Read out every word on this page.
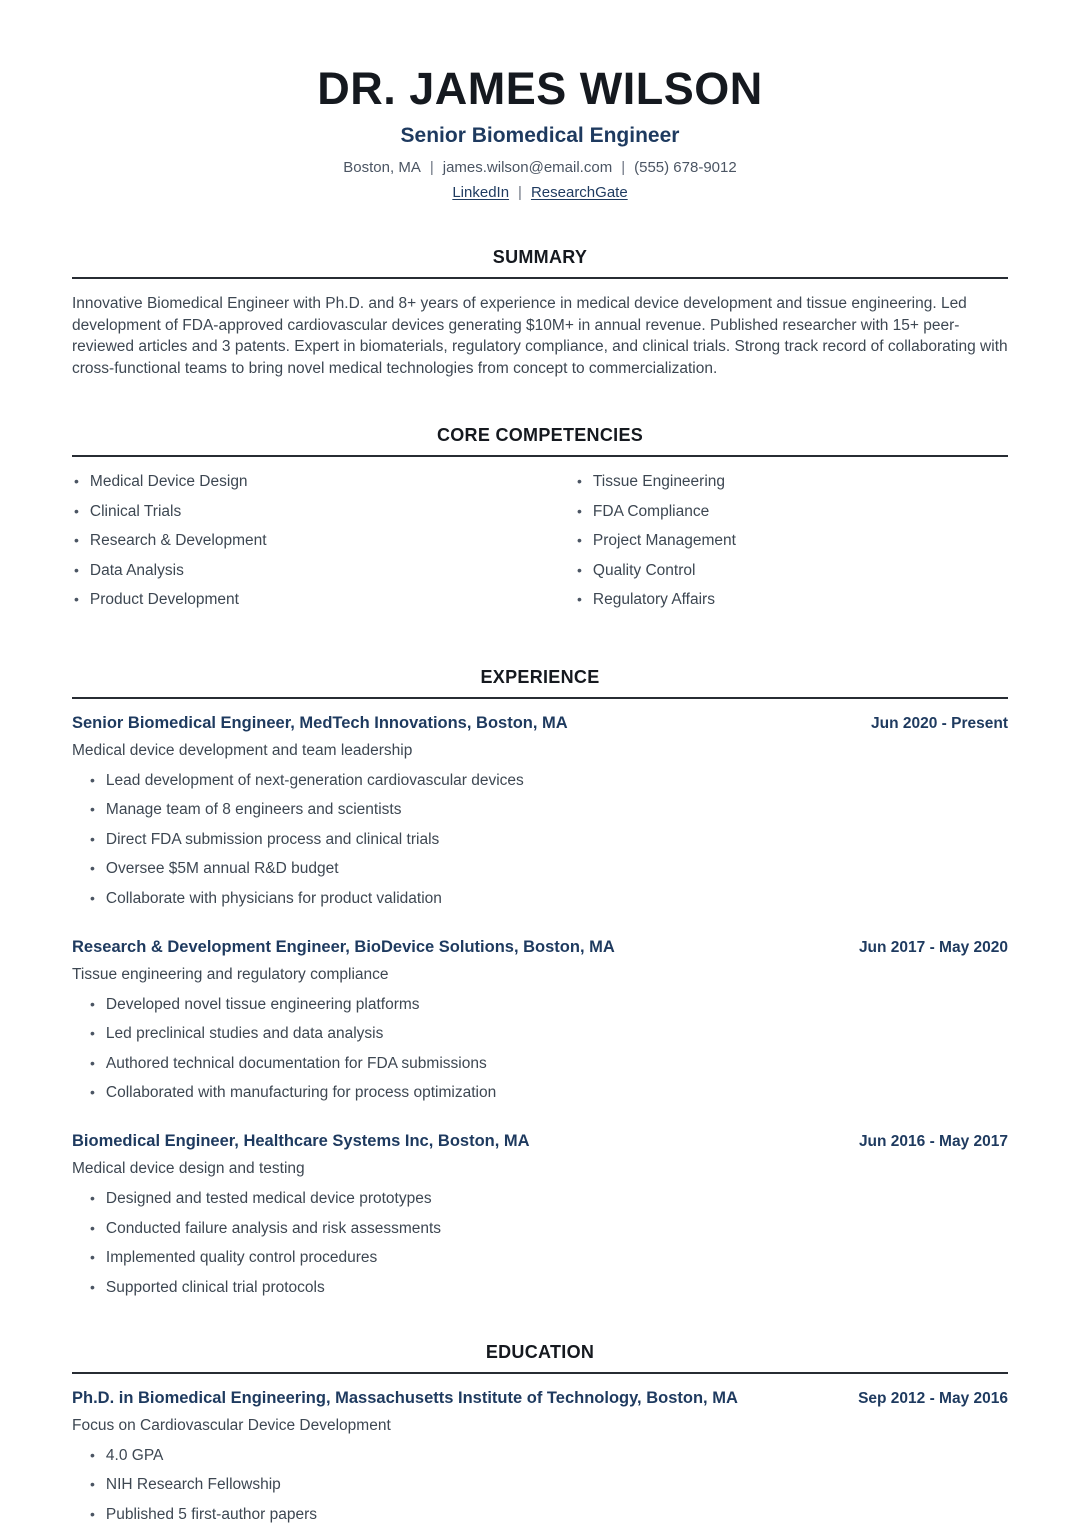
DR. JAMES WILSON
Senior Biomedical Engineer
Boston, MA | james.wilson@email.com | (555) 678-9012
LinkedIn | ResearchGate
SUMMARY

Innovative Biomedical Engineer with Ph.D. and 8+ years of experience in medical device development and tissue engineering. Led development of FDA-approved cardiovascular devices generating $10M+ in annual revenue. Published researcher with 15+ peer-reviewed articles and 3 patents. Expert in biomaterials, regulatory compliance, and clinical trials. Strong track record of collaborating with cross-functional teams to bring novel medical technologies from concept to commercialization.

CORE COMPETENCIES
• Medical Device Design
• Clinical Trials
• Research & Development
• Data Analysis
• Product Development
• Tissue Engineering
• FDA Compliance
• Project Management
• Quality Control
• Regulatory Affairs
EXPERIENCE
Senior Biomedical Engineer, MedTech Innovations, Boston, MA	Jun 2020 - Present
Medical device development and team leadership
• Lead development of next-generation cardiovascular devices
• Manage team of 8 engineers and scientists
• Direct FDA submission process and clinical trials
• Oversee $5M annual R&D budget
• Collaborate with physicians for product validation
Research & Development Engineer, BioDevice Solutions, Boston, MA	Jun 2017 - May 2020
Tissue engineering and regulatory compliance
• Developed novel tissue engineering platforms
• Led preclinical studies and data analysis
• Authored technical documentation for FDA submissions
• Collaborated with manufacturing for process optimization
Biomedical Engineer, Healthcare Systems Inc, Boston, MA	Jun 2016 - May 2017
Medical device design and testing
• Designed and tested medical device prototypes
• Conducted failure analysis and risk assessments
• Implemented quality control procedures
• Supported clinical trial protocols
EDUCATION
Ph.D. in Biomedical Engineering, Massachusetts Institute of Technology, Boston, MA	Sep 2012 - May 2016
Focus on Cardiovascular Device Development
• 4.0 GPA
• NIH Research Fellowship
• Published 5 first-author papers
